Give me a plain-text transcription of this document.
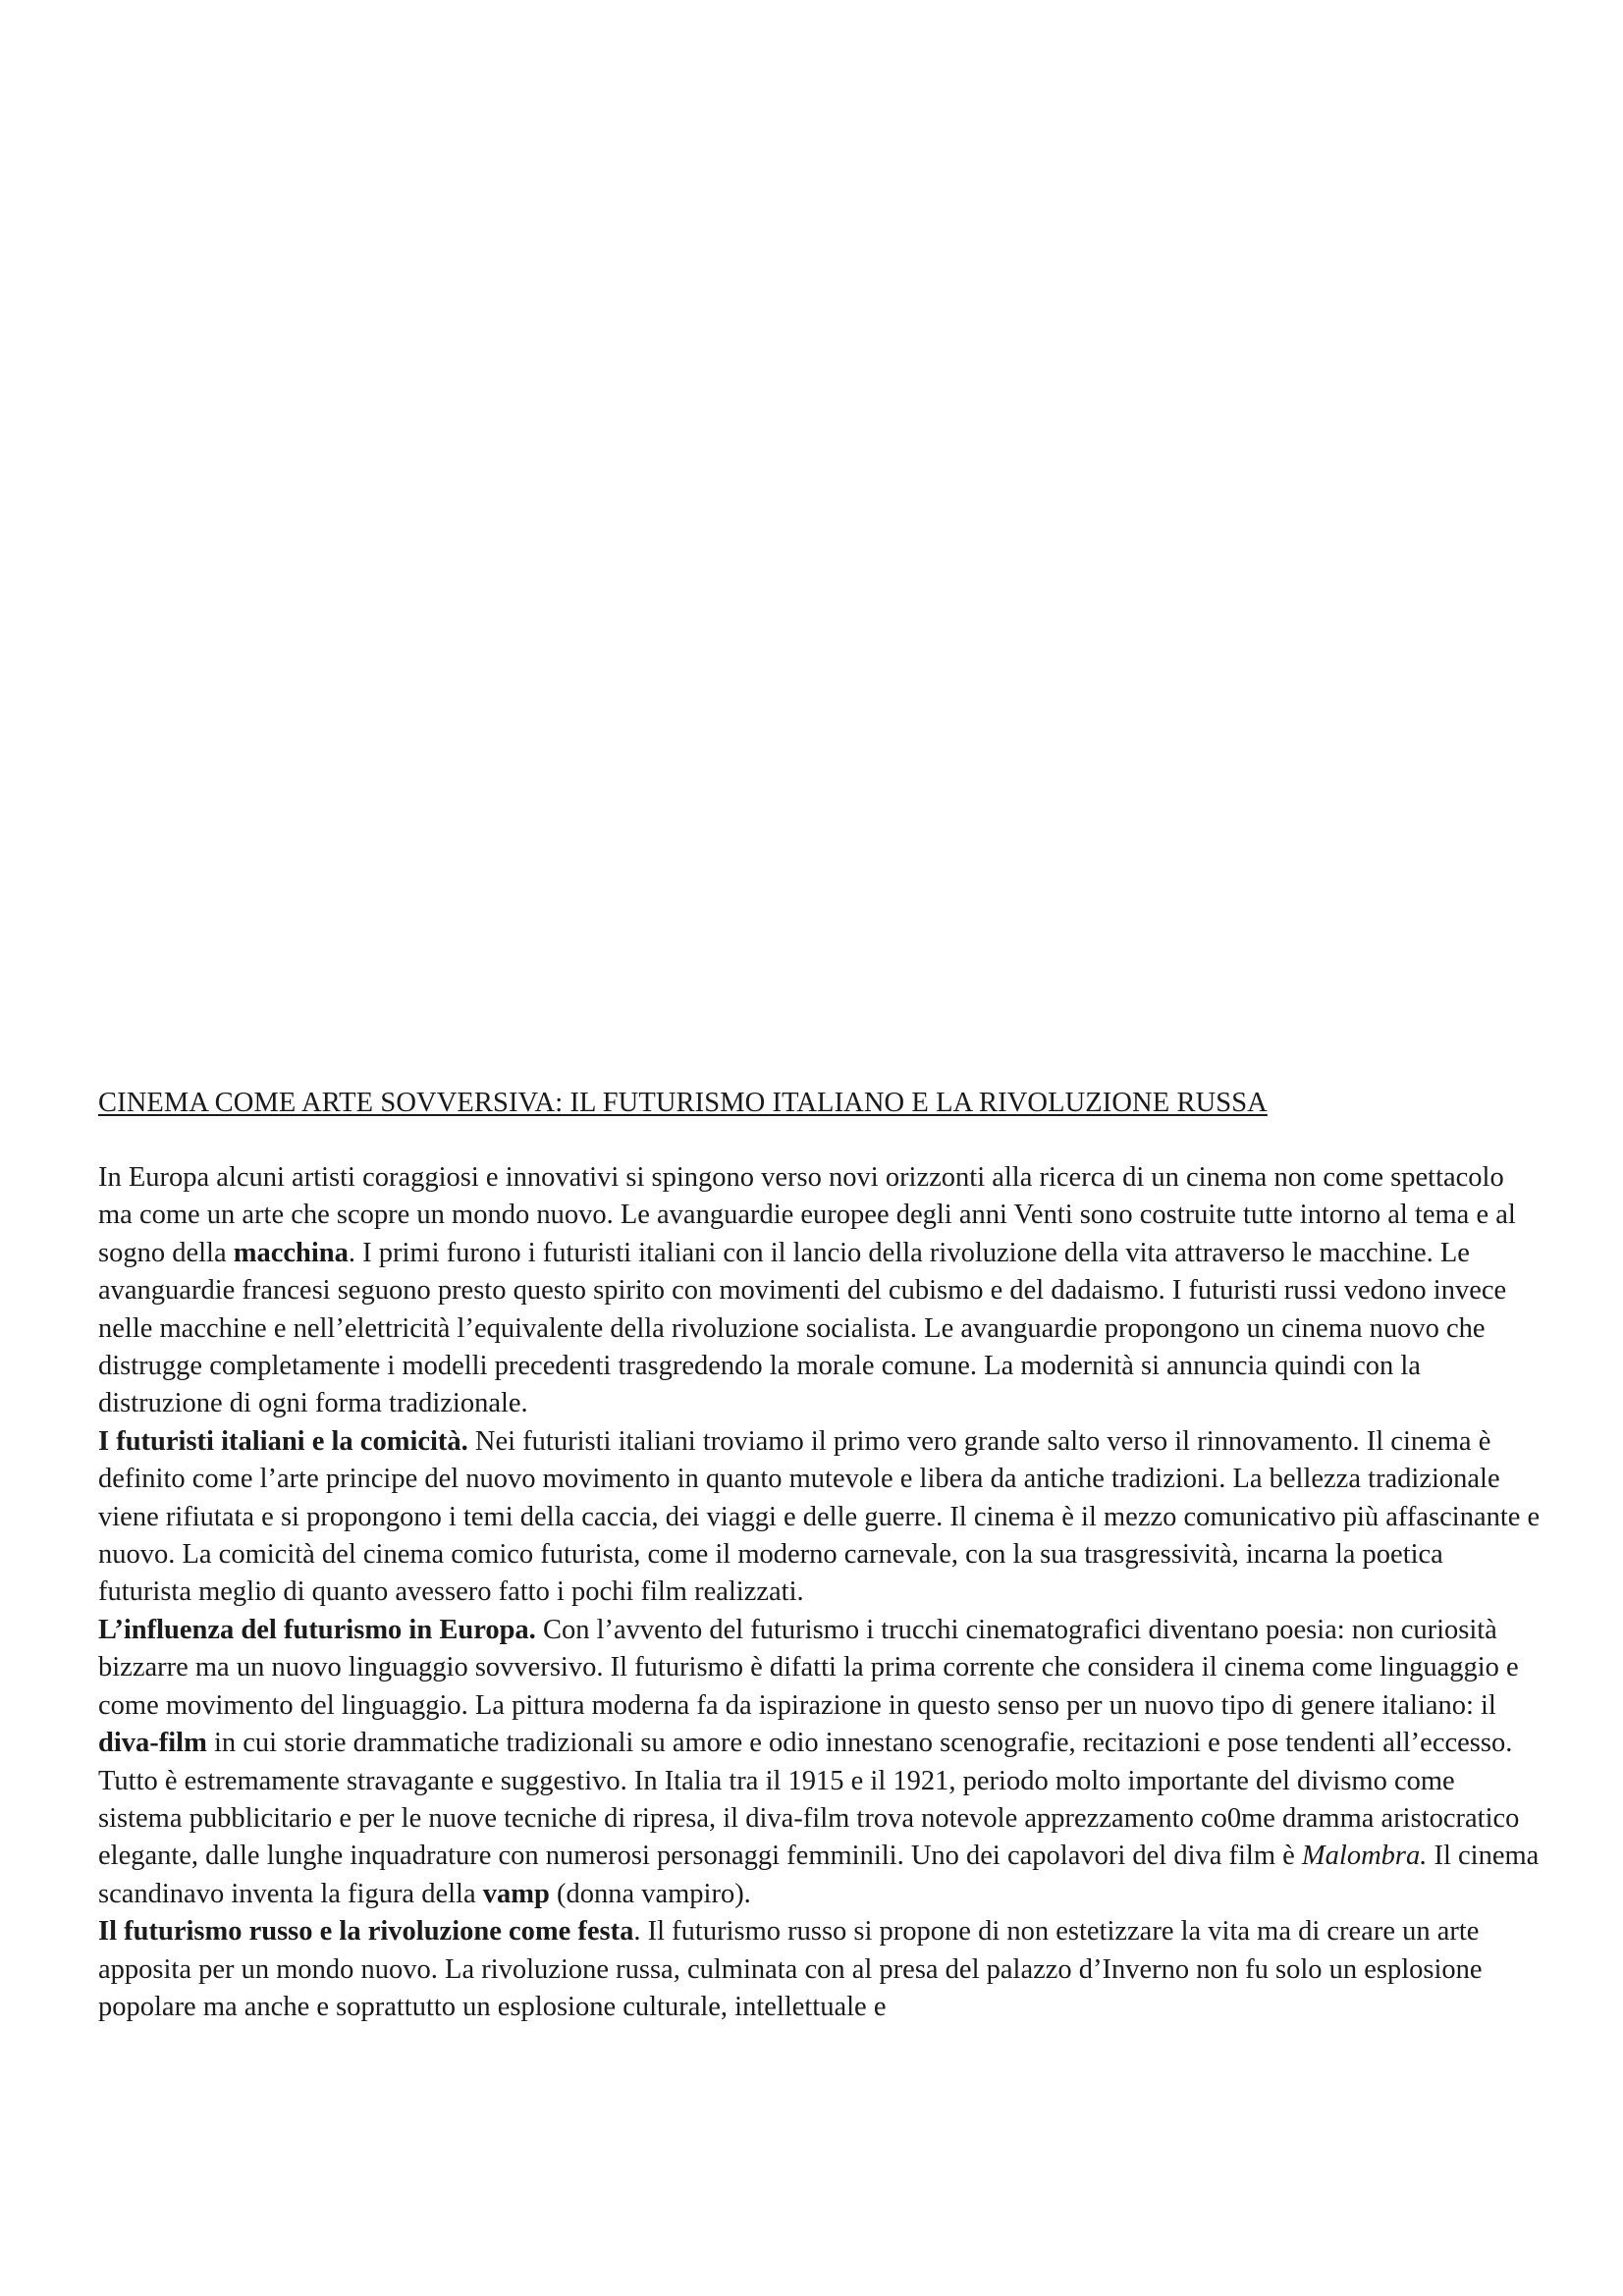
CINEMA COME ARTE SOVVERSIVA: IL FUTURISMO ITALIANO E LA RIVOLUZIONE RUSSA

In Europa alcuni artisti coraggiosi e innovativi si spingono verso novi orizzonti alla ricerca di un cinema non come spettacolo ma come un arte che scopre un mondo nuovo. Le avanguardie europee degli anni Venti sono costruite tutte intorno al tema e al sogno della macchina. I primi furono i futuristi italiani con il lancio della rivoluzione della vita attraverso le macchine. Le avanguardie francesi seguono presto questo spirito con movimenti del cubismo e del dadaismo. I futuristi russi vedono invece nelle macchine e nell’elettricità l’equivalente della rivoluzione socialista. Le avanguardie propongono un cinema nuovo che distrugge completamente i modelli precedenti trasgredendo la morale comune. La modernità si annuncia quindi con la distruzione di ogni forma tradizionale.

I futuristi italiani e la comicità. Nei futuristi italiani troviamo il primo vero grande salto verso il rinnovamento. Il cinema è definito come l’arte principe del nuovo movimento in quanto mutevole e libera da antiche tradizioni. La bellezza tradizionale viene rifiutata e si propongono i temi della caccia, dei viaggi e delle guerre. Il cinema è il mezzo comunicativo più affascinante e nuovo. La comicità del cinema comico futurista, come il moderno carnevale, con la sua trasgressività, incarna la poetica futurista meglio di quanto avessero fatto i pochi film realizzati.

L’influenza del futurismo in Europa. Con l’avvento del futurismo i trucchi cinematografici diventano poesia: non curiosità bizzarre ma un nuovo linguaggio sovversivo. Il futurismo è difatti la prima corrente che considera il cinema come linguaggio e come movimento del linguaggio. La pittura moderna fa da ispirazione in questo senso per un nuovo tipo di genere italiano: il diva-film in cui storie drammatiche tradizionali su amore e odio innestano scenografie, recitazioni e pose tendenti all’eccesso. Tutto è estremamente stravagante e suggestivo. In Italia tra il 1915 e il 1921, periodo molto importante del divismo come sistema pubblicitario e per le nuove tecniche di ripresa, il diva-film trova notevole apprezzamento co0me dramma aristocratico elegante, dalle lunghe inquadrature con numerosi personaggi femminili. Uno dei capolavori del diva film è Malombra. Il cinema scandinavo inventa la figura della vamp (donna vampiro).

Il futurismo russo e la rivoluzione come festa. Il futurismo russo si propone di non estetizzare la vita ma di creare un arte apposita per un mondo nuovo. La rivoluzione russa, culminata con al presa del palazzo d’Inverno non fu solo un esplosione popolare ma anche e soprattutto un esplosione culturale, intellettuale e
